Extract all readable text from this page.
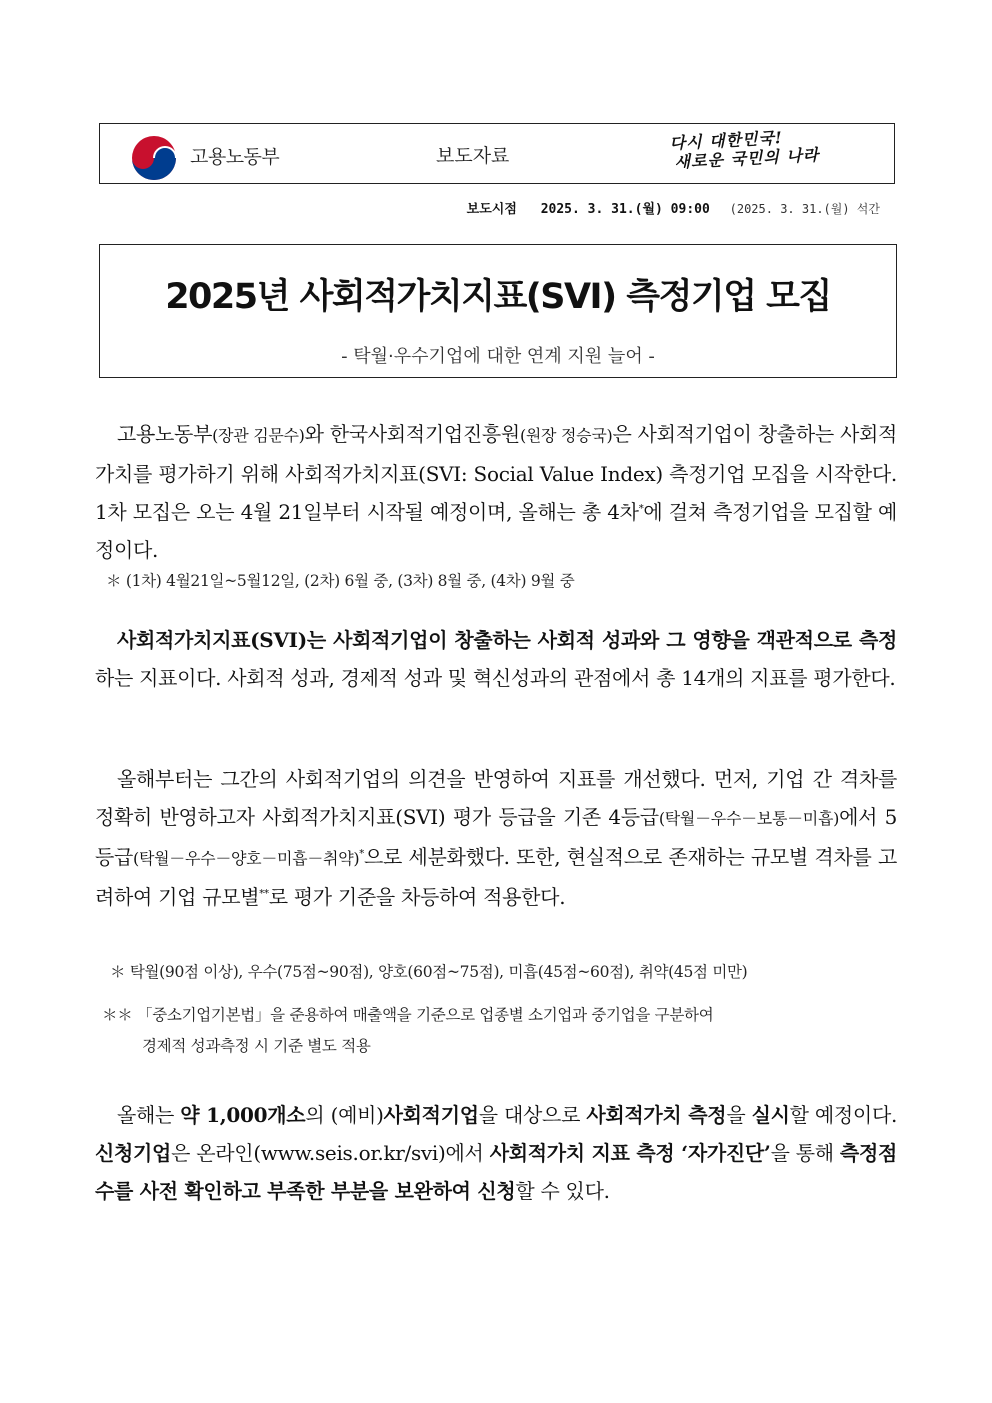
고용노동부	보도자료
다시 대한민국!
새로운 국민의 나라
보도시점 2025. 3. 31.(월) 09:00 (2025. 3. 31.(월) 석간
2025년 사회적가치지표(SVI) 측정기업 모집
- 탁월·우수기업에 대한 연계 지원 늘어 -

고용노동부(장관 김문수)와 한국사회적기업진흥원(원장 정승국)은 사회적기업이 창출하는 사회적가치를 평가하기 위해 사회적가치지표(SVI: Social Value Index) 측정기업 모집을 시작한다. 1차 모집은 오는 4월 21일부터 시작될 예정이며, 올해는 총 4차*에 걸쳐 측정기업을 모집할 예정이다.

＊ (1차) 4월21일~5월12일, (2차) 6월 중, (3차) 8월 중, (4차) 9월 중

사회적가치지표(SVI)는 사회적기업이 창출하는 사회적 성과와 그 영향을 객관적으로 측정하는 지표이다. 사회적 성과, 경제적 성과 및 혁신성과의 관점에서 총 14개의 지표를 평가한다.

올해부터는 그간의 사회적기업의 의견을 반영하여 지표를 개선했다. 먼저, 기업 간 격차를 정확히 반영하고자 사회적가치지표(SVI) 평가 등급을 기존 4등급(탁월－우수－보통－미흡)에서 5등급(탁월－우수－양호－미흡－취약)*으로 세분화했다. 또한, 현실적으로 존재하는 규모별 격차를 고려하여 기업 규모별**로 평가 기준을 차등하여 적용한다.

＊ 탁월(90점 이상), 우수(75점~90점), 양호(60점~75점), 미흡(45점~60점), 취약(45점 미만)
＊＊ 「중소기업기본법」을 준용하여 매출액을 기준으로 업종별 소기업과 중기업을 구분하여
경제적 성과측정 시 기준 별도 적용

올해는 약 1,000개소의 (예비)사회적기업을 대상으로 사회적가치 측정을 실시할 예정이다. 신청기업은 온라인(www.seis.or.kr/svi)에서 사회적가치 지표 측정 ‘자가진단’을 통해 측정점수를 사전 확인하고 부족한 부분을 보완하여 신청할 수 있다.
